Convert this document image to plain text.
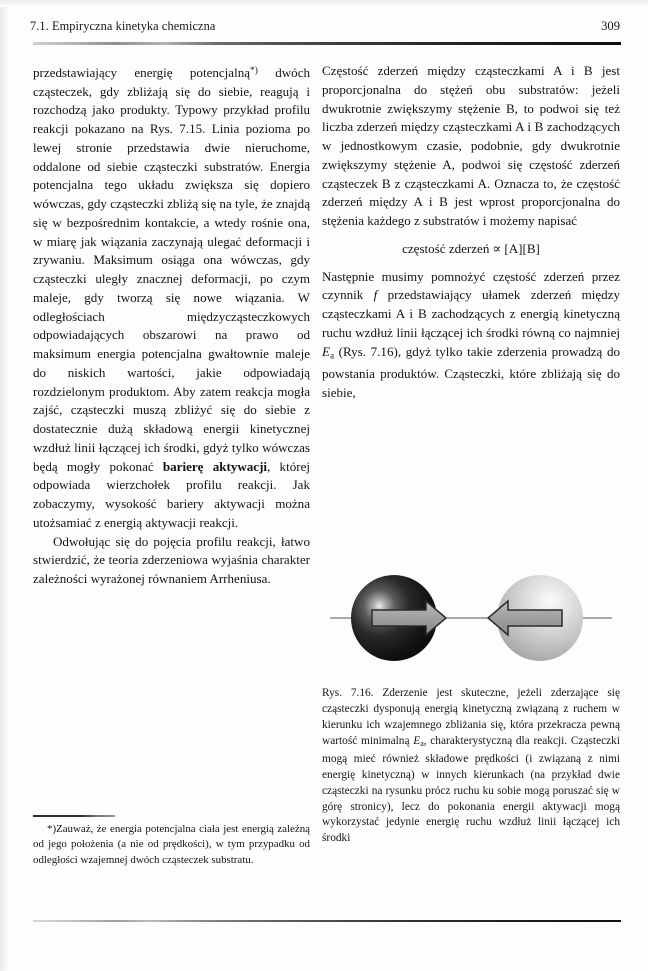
7.1. Empiryczna kinetyka chemiczna	309

przedstawiający energię potencjalną*) dwóch cząsteczek, gdy zbliżają się do siebie, reagują i rozchodzą jako produkty. Typowy przykład profilu reakcji pokazano na Rys. 7.15. Linia pozioma po lewej stronie przedstawia dwie nieruchome, oddalone od siebie cząsteczki substratów. Energia potencjalna tego układu zwiększa się dopiero wówczas, gdy cząsteczki zbliżą się na tyle, że znajdą się w bezpośrednim kontakcie, a wtedy rośnie ona, w miarę jak wiązania zaczynają ulegać deformacji i zrywaniu. Maksimum osiąga ona wówczas, gdy cząsteczki uległy znacznej deformacji, po czym maleje, gdy tworzą się nowe wiązania. W odległościach międzycząsteczkowych odpowiadających obszarowi na prawo od maksimum energia potencjalna gwałtownie maleje do niskich wartości, jakie odpowiadają rozdzielonym produktom. Aby zatem reakcja mogła zajść, cząsteczki muszą zbliżyć się do siebie z dostatecznie dużą składową energii kinetycznej wzdłuż linii łączącej ich środki, gdyż tylko wówczas będą mogły pokonać barierę aktywacji, której odpowiada wierzchołek profilu reakcji. Jak zobaczymy, wysokość bariery aktywacji można utożsamiać z energią aktywacji reakcji.

Odwołując się do pojęcia profilu reakcji, łatwo stwierdzić, że teoria zderzeniowa wyjaśnia charakter zależności wyrażonej równaniem Arrheniusa.

*)Zauważ, że energia potencjalna ciała jest energią zależną od jego położenia (a nie od prędkości), w tym przypadku od odległości wzajemnej dwóch cząsteczek substratu.

Częstość zderzeń między cząsteczkami A i B jest proporcjonalna do stężeń obu substratów: jeżeli dwukrotnie zwiększymy stężenie B, to podwoi się też liczba zderzeń między cząsteczkami A i B zachodzących w jednostkowym czasie, podobnie, gdy dwukrotnie zwiększymy stężenie A, podwoi się częstość zderzeń cząsteczek B z cząsteczkami A. Oznacza to, że częstość zderzeń między A i B jest wprost proporcjonalna do stężenia każdego z substratów i możemy napisać

częstość zderzeń ∝ [A][B]

Następnie musimy pomnożyć częstość zderzeń przez czynnik f przedstawiający ułamek zderzeń między cząsteczkami A i B zachodzących z energią kinetyczną ruchu wzdłuż linii łączącej ich środki równą co najmniej $E_a$ (Rys. 7.16), gdyż tylko takie zderzenia prowadzą do powstania produktów. Cząsteczki, które zbliżają się do siebie,

Rys. 7.16. Zderzenie jest skuteczne, jeżeli zderzające się cząsteczki dysponują energią kinetyczną związaną z ruchem w kierunku ich wzajemnego zbliżania się, która przekracza pewną wartość minimalną $E_a$, charakterystyczną dla reakcji. Cząsteczki mogą mieć również składowe prędkości (i związaną z nimi energię kinetyczną) w innych kierunkach (na przykład dwie cząsteczki na rysunku prócz ruchu ku sobie mogą poruszać się w górę stronicy), lecz do pokonania energii aktywacji mogą wykorzystać jedynie energię ruchu wzdłuż linii łączącej ich środki
